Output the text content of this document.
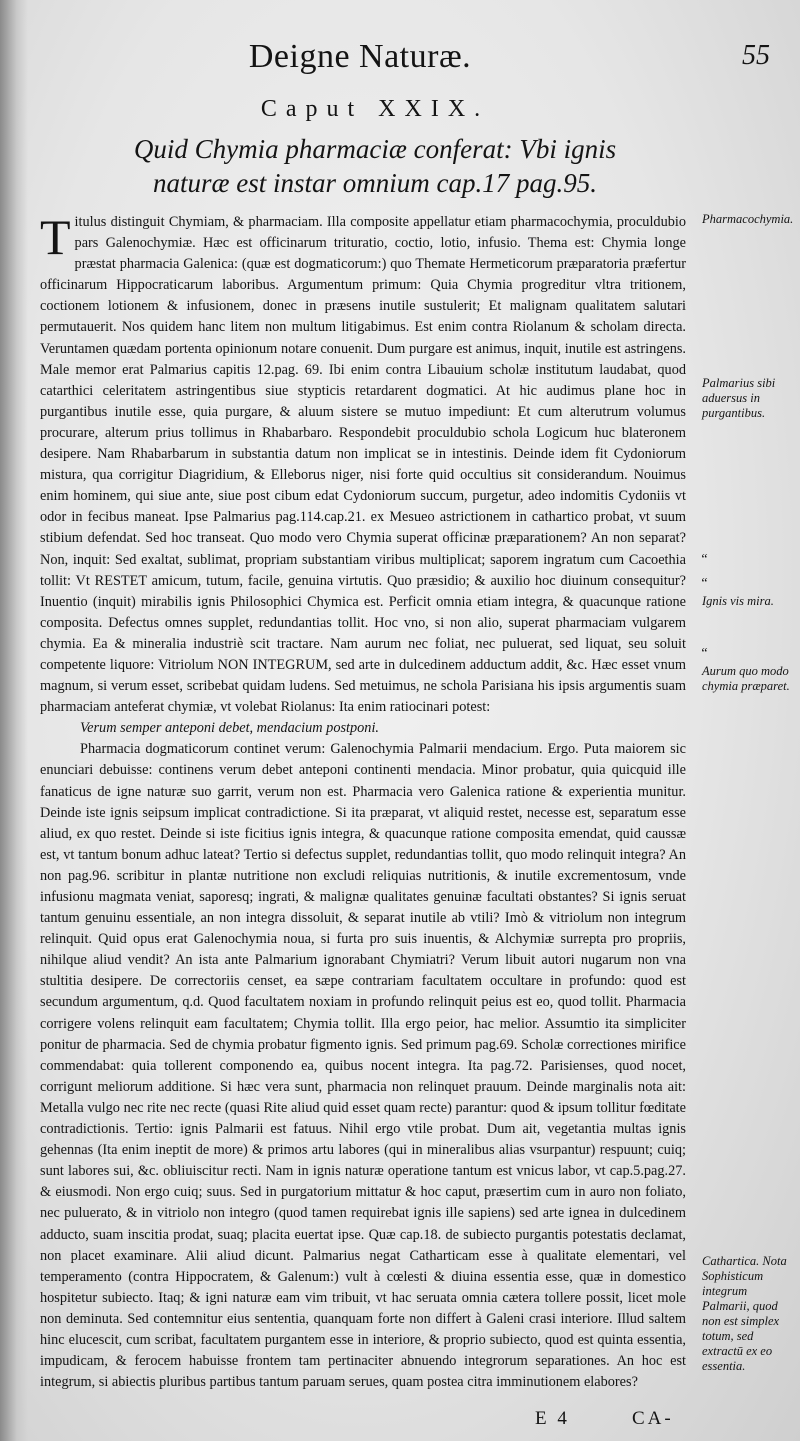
Deigne Naturæ.	55
Caput XXIX.
Quid Chymia pharmaciæ conferat: Vbi ignis naturæ est instar omnium cap.17 pag.95.

Titulus distinguit Chymiam, & pharmaciam. Illa composite appellatur etiam pharmacochymia, proculdubio pars Galenochymiæ. Hæc est officinarum trituratio, coctio, lotio, infusio. Thema est: Chymia longe præstat pharmacia Galenica: (quæ est dogmaticorum:) quo Themate Hermeticorum præparatoria præfertur officinarum Hippocraticarum laboribus. Argumentum primum: Quia Chymia progreditur vltra tritionem, coctionem lotionem & infusionem, donec in præsens inutile sustulerit; Et malignam qualitatem salutari permutauerit. Nos quidem hanc litem non multum litigabimus. Est enim contra Riolanum & scholam directa. Veruntamen quædam portenta opinionum notare conuenit. Dum purgare est animus, inquit, inutile est astringens. Male memor erat Palmarius capitis 12.pag. 69. Ibi enim contra Libauium scholæ institutum laudabat, quod catarthici celeritatem astringentibus siue stypticis retardarent dogmatici. At hic audimus plane hoc in purgantibus inutile esse, quia purgare, & aluum sistere se mutuo impediunt: Et cum alterutrum volumus procurare, alterum prius tollimus in Rhabarbaro. Respondebit proculdubio schola Logicum huc blateronem desipere. Nam Rhabarbarum in substantia datum non implicat se in intestinis. Deinde idem fit Cydoniorum mistura, qua corrigitur Diagridium, & Elleborus niger, nisi forte quid occultius sit considerandum. Nouimus enim hominem, qui siue ante, siue post cibum edat Cydoniorum succum, purgetur, adeo indomitis Cydoniis vt odor in fecibus maneat. Ipse Palmarius pag.114.cap.21. ex Mesueo astrictionem in cathartico probat, vt suum stibium defendat. Sed hoc transeat. Quo modo vero Chymia superat officinæ præparationem? An non separat? Non, inquit: Sed exaltat, sublimat, propriam substantiam viribus multiplicat; saporem ingratum cum Cacoethia tollit: Vt RESTET amicum, tutum, facile, genuina virtutis. Quo præsidio; & auxilio hoc diuinum consequitur? Inuentio (inquit) mirabilis ignis Philosophici Chymica est. Perficit omnia etiam integra, & quacunque ratione composita. Defectus omnes supplet, redundantias tollit. Hoc vno, si non alio, superat pharmaciam vulgarem chymia. Ea & mineralia industriè scit tractare. Nam aurum nec foliat, nec puluerat, sed liquat, seu soluit competente liquore: Vitriolum NON INTEGRUM, sed arte in dulcedinem adductum addit, &c. Hæc esset vnum magnum, si verum esset, scribebat quidam ludens. Sed metuimus, ne schola Parisiana his ipsis argumentis suam pharmaciam anteferat chymiæ, vt volebat Riolanus: Ita enim ratiocinari potest:

Verum semper anteponi debet, mendacium postponi.

Pharmacia dogmaticorum continet verum: Galenochymia Palmarii mendacium. Ergo. Puta maiorem sic enunciari debuisse: continens verum debet anteponi continenti mendacia. Minor probatur, quia quicquid ille fanaticus de igne naturæ suo garrit, verum non est. Pharmacia vero Galenica ratione & experientia munitur. Deinde iste ignis seipsum implicat contradictione. Si ita præparat, vt aliquid restet, necesse est, separatum esse aliud, ex quo restet. Deinde si iste ficitius ignis integra, & quacunque ratione composita emendat, quid caussæ est, vt tantum bonum adhuc lateat? Tertio si defectus supplet, redundantias tollit, quo modo relinquit integra? An non pag.96. scribitur in plantæ nutritione non excludi reliquias nutritionis, & inutile excrementosum, vnde infusionu magmata veniat, saporesq; ingrati, & malignæ qualitates genuinæ facultati obstantes? Si ignis seruat tantum genuinu essentiale, an non integra dissoluit, & separat inutile ab vtili? Imò & vitriolum non integrum relinquit. Quid opus erat Galenochymia noua, si furta pro suis inuentis, & Alchymiæ surrepta pro propriis, nihilque aliud vendit? An ista ante Palmarium ignorabant Chymiatri? Verum libuit autori nugarum non vna stultitia desipere. De correctoriis censet, ea sæpe contrariam facultatem occultare in profundo: quod est secundum argumentum, q.d. Quod facultatem noxiam in profundo relinquit peius est eo, quod tollit. Pharmacia corrigere volens relinquit eam facultatem; Chymia tollit. Illa ergo peior, hac melior. Assumtio ita simpliciter ponitur de pharmacia. Sed de chymia probatur figmento ignis. Sed primum pag.69. Scholæ correctiones mirifice commendabat: quia tollerent componendo ea, quibus nocent integra. Ita pag.72. Parisienses, quod nocet, corrigunt meliorum additione. Si hæc vera sunt, pharmacia non relinquet prauum. Deinde marginalis nota ait: Metalla vulgo nec rite nec recte (quasi Rite aliud quid esset quam recte) parantur: quod & ipsum tollitur fœditate contradictionis. Tertio: ignis Palmarii est fatuus. Nihil ergo vtile probat. Dum ait, vegetantia multas ignis gehennas (Ita enim ineptit de more) & primos artu labores (qui in mineralibus alias vsurpantur) respuunt; cuiq; sunt labores sui, &c. obliuiscitur recti. Nam in ignis naturæ operatione tantum est vnicus labor, vt cap.5.pag.27. & eiusmodi. Non ergo cuiq; suus. Sed in purgatorium mittatur & hoc caput, præsertim cum in auro non foliato, nec puluerato, & in vitriolo non integro (quod tamen requirebat ignis ille sapiens) sed arte ignea in dulcedinem adducto, suam inscitia prodat, suaq; placita euertat ipse. Quæ cap.18. de subiecto purgantis potestatis declamat, non placet examinare. Alii aliud dicunt. Palmarius negat Catharticam esse à qualitate elementari, vel temperamento (contra Hippocratem, & Galenum:) vult à cœlesti & diuina essentia esse, quæ in domestico hospitetur subiecto. Itaq; & igni naturæ eam vim tribuit, vt hac seruata omnia cætera tollere possit, licet mole non deminuta. Sed contemnitur eius sententia, quanquam forte non differt à Galeni crasi interiore. Illud saltem hinc elucescit, cum scribat, facultatem purgantem esse in interiore, & proprio subiecto, quod est quinta essentia, impudicam, & ferocem habuisse frontem tam pertinaciter abnuendo integrorum separationes. An hoc est integrum, si abiectis pluribus partibus tantum paruam serues, quam postea citra imminutionem elabores?

Pharmacochymia.
Palmarius sibi aduersus in purgantibus.
“
“
Ignis vis mira.
“
Aurum quo modo chymia præparet.
Cathartica. Nota Sophisticum integrum Palmarii, quod non est simplex totum, sed extractū ex eo essentia.
E 4	CA-
